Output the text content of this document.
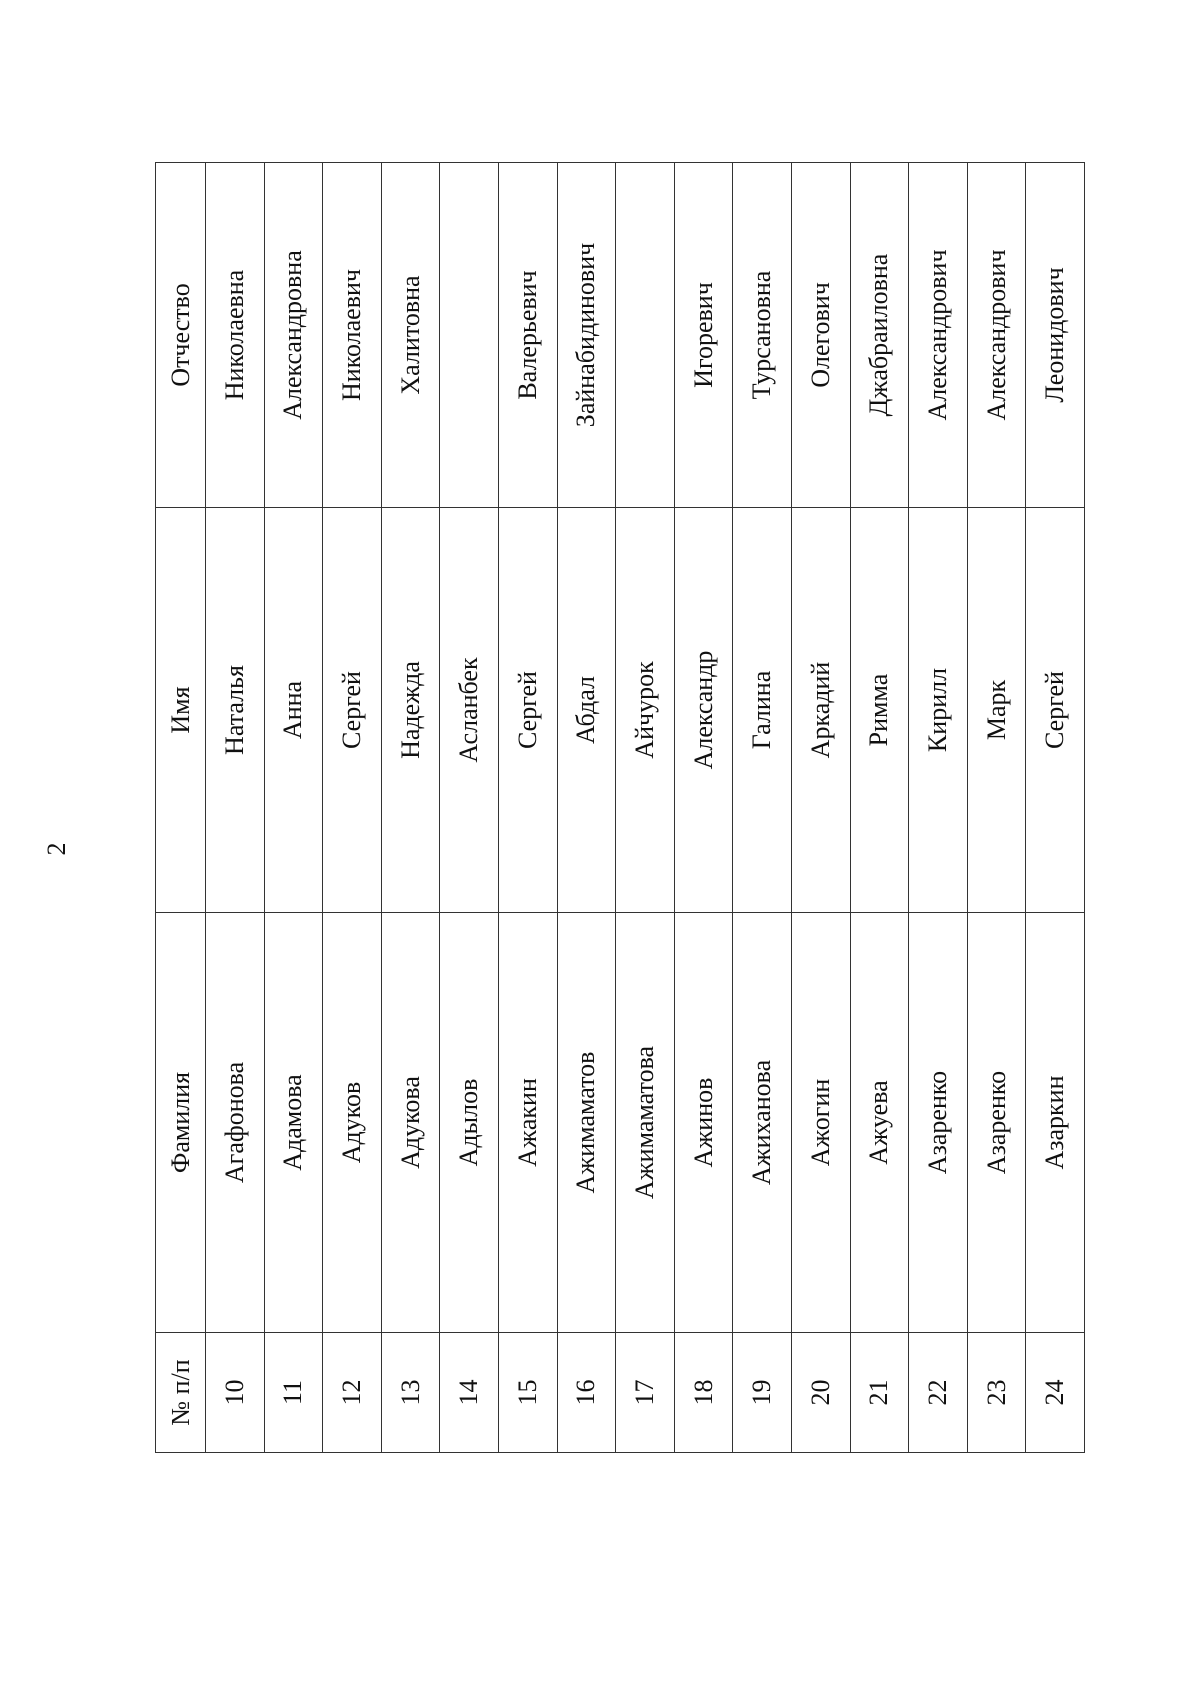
2
№ п/п	Фамилия	Имя	Отчество
10	Агафонова	Наталья	Николаевна
11	Адамова	Анна	Александровна
12	Адуков	Сергей	Николаевич
13	Адукова	Надежда	Халитовна
14	Адылов	Асланбек	
15	Ажакин	Сергей	Валерьевич
16	Ажимаматов	Абдал	Зайнабидинович
17	Ажимаматова	Айчурок	
18	Ажинов	Александр	Игоревич
19	Ажиханова	Галина	Турсановна
20	Ажогин	Аркадий	Олегович
21	Ажуева	Римма	Джабраиловна
22	Азаренко	Кирилл	Александрович
23	Азаренко	Марк	Александрович
24	Азаркин	Сергей	Леонидович
